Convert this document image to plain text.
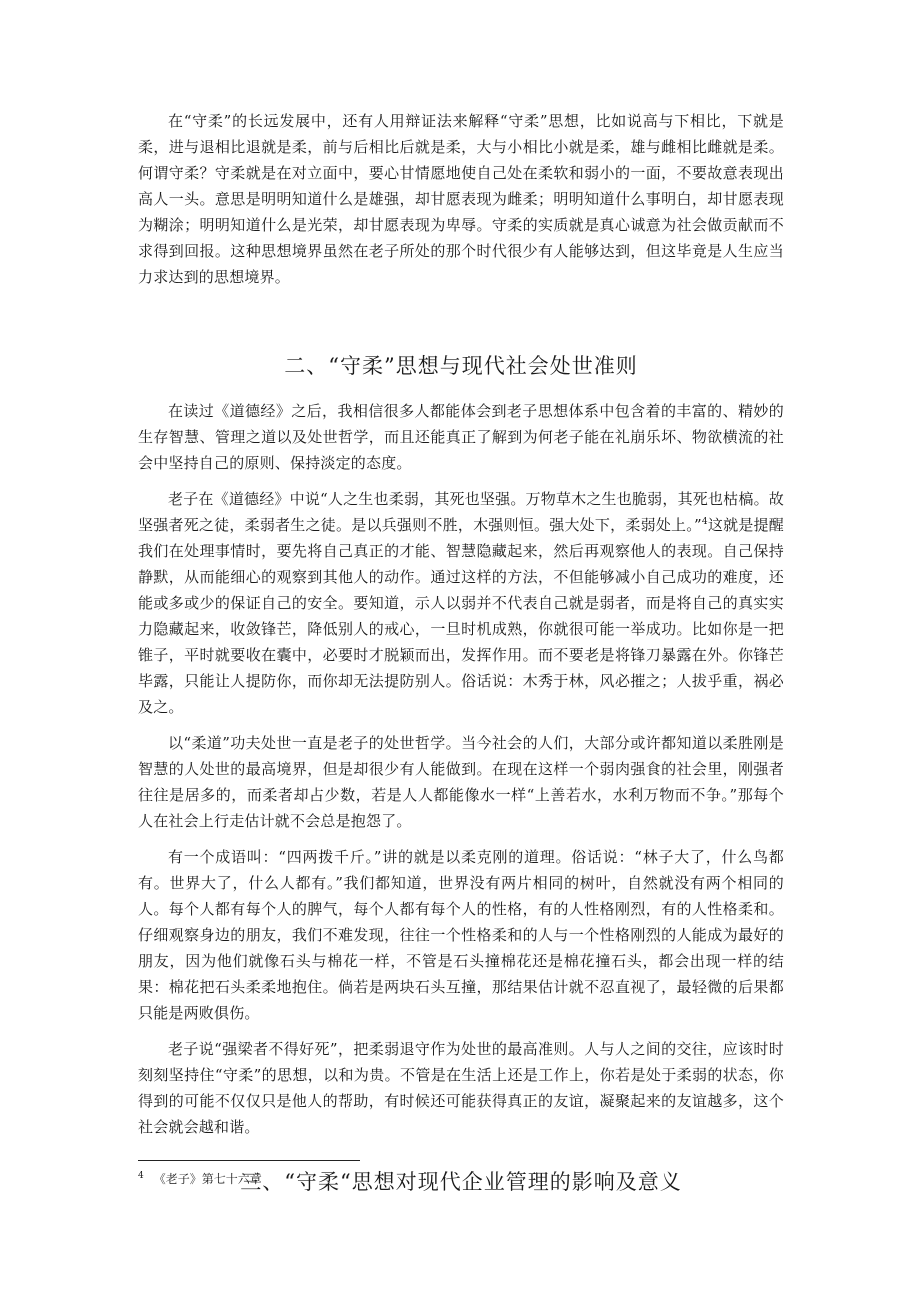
在“守柔”的长远发展中，还有人用辩证法来解释“守柔”思想，比如说高与下相比，下就是柔，进与退相比退就是柔，前与后相比后就是柔，大与小相比小就是柔，雄与雌相比雌就是柔。何谓守柔？守柔就是在对立面中，要心甘情愿地使自己处在柔软和弱小的一面，不要故意表现出高人一头。意思是明明知道什么是雄强，却甘愿表现为雌柔；明明知道什么事明白，却甘愿表现为糊涂；明明知道什么是光荣，却甘愿表现为卑辱。守柔的实质就是真心诚意为社会做贡献而不求得到回报。这种思想境界虽然在老子所处的那个时代很少有人能够达到，但这毕竟是人生应当力求达到的思想境界。

二、“守柔”思想与现代社会处世准则

在读过《道德经》之后，我相信很多人都能体会到老子思想体系中包含着的丰富的、精妙的生存智慧、管理之道以及处世哲学，而且还能真正了解到为何老子能在礼崩乐坏、物欲横流的社会中坚持自己的原则、保持淡定的态度。

老子在《道德经》中说“人之生也柔弱，其死也坚强。万物草木之生也脆弱，其死也枯槁。故坚强者死之徒，柔弱者生之徒。是以兵强则不胜，木强则恒。强大处下，柔弱处上。”$^4$这就是提醒我们在处理事情时，要先将自己真正的才能、智慧隐藏起来，然后再观察他人的表现。自己保持静默，从而能细心的观察到其他人的动作。通过这样的方法，不但能够减小自己成功的难度，还能或多或少的保证自己的安全。要知道，示人以弱并不代表自己就是弱者，而是将自己的真实实力隐藏起来，收敛锋芒，降低别人的戒心，一旦时机成熟，你就很可能一举成功。比如你是一把锥子，平时就要收在囊中，必要时才脱颖而出，发挥作用。而不要老是将锋刀暴露在外。你锋芒毕露，只能让人提防你，而你却无法提防别人。俗话说：木秀于林，风必摧之；人拔乎重，祸必及之。

以“柔道”功夫处世一直是老子的处世哲学。当今社会的人们，大部分或许都知道以柔胜刚是智慧的人处世的最高境界，但是却很少有人能做到。在现在这样一个弱肉强食的社会里，刚强者往往是居多的，而柔者却占少数，若是人人都能像水一样“上善若水，水利万物而不争。”那每个人在社会上行走估计就不会总是抱怨了。

有一个成语叫：“四两拨千斤。”讲的就是以柔克刚的道理。俗话说：“林子大了，什么鸟都有。世界大了，什么人都有。”我们都知道，世界没有两片相同的树叶，自然就没有两个相同的人。每个人都有每个人的脾气，每个人都有每个人的性格，有的人性格刚烈，有的人性格柔和。仔细观察身边的朋友，我们不难发现，往往一个性格柔和的人与一个性格刚烈的人能成为最好的朋友，因为他们就像石头与棉花一样，不管是石头撞棉花还是棉花撞石头，都会出现一样的结果：棉花把石头柔柔地抱住。倘若是两块石头互撞，那结果估计就不忍直视了，最轻微的后果都只能是两败俱伤。

老子说“强梁者不得好死”，把柔弱退守作为处世的最高准则。人与人之间的交往，应该时时刻刻坚持住“守柔”的思想，以和为贵。不管是在生活上还是工作上，你若是处于柔弱的状态，你得到的可能不仅仅只是他人的帮助，有时候还可能获得真正的友谊，凝聚起来的友谊越多，这个社会就会越和谐。

三、“守柔“思想对现代企业管理的影响及意义
$^4$ 《老子》第七十六章
